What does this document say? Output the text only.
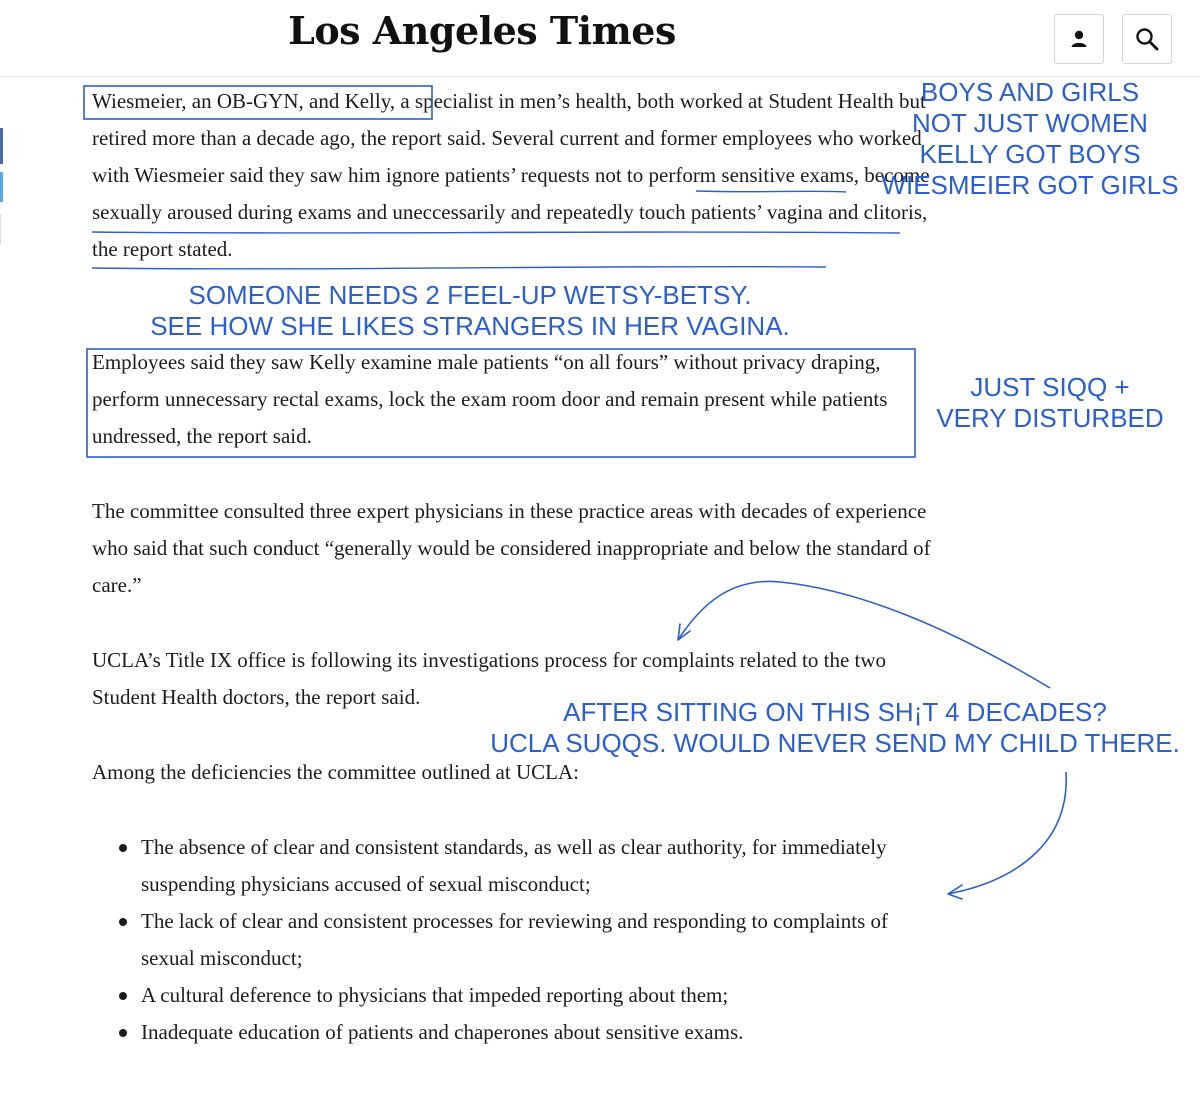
Los Angeles Times

Wiesmeier, an OB-GYN, and Kelly, a specialist in men’s health, both worked at Student Health but retired more than a decade ago, the report said. Several current and former employees who worked with Wiesmeier said they saw him ignore patients’ requests not to perform sensitive exams, become sexually aroused during exams and uneccessarily and repeatedly touch patients’ vagina and clitoris, the report stated.

Employees said they saw Kelly examine male patients “on all fours” without privacy draping, perform unnecessary rectal exams, lock the exam room door and remain present while patients undressed, the report said.

The committee consulted three expert physicians in these practice areas with decades of experience who said that such conduct “generally would be considered inappropriate and below the standard of care.”

UCLA’s Title IX office is following its investigations process for complaints related to the two Student Health doctors, the report said.

Among the deficiencies the committee outlined at UCLA:

The absence of clear and consistent standards, as well as clear authority, for immediately suspending physicians accused of sexual misconduct;
The lack of clear and consistent processes for reviewing and responding to complaints of sexual misconduct;
A cultural deference to physicians that impeded reporting about them;
Inadequate education of patients and chaperones about sensitive exams.
BOYS AND GIRLS
NOT JUST WOMEN
KELLY GOT BOYS
WIESMEIER GOT GIRLS
SOMEONE NEEDS 2 FEEL-UP WETSY-BETSY.
SEE HOW SHE LIKES STRANGERS IN HER VAGINA.
JUST SIQQ +
VERY DISTURBED
AFTER SITTING ON THIS SH¡T 4 DECADES?
UCLA SUQQS. WOULD NEVER SEND MY CHILD THERE.
